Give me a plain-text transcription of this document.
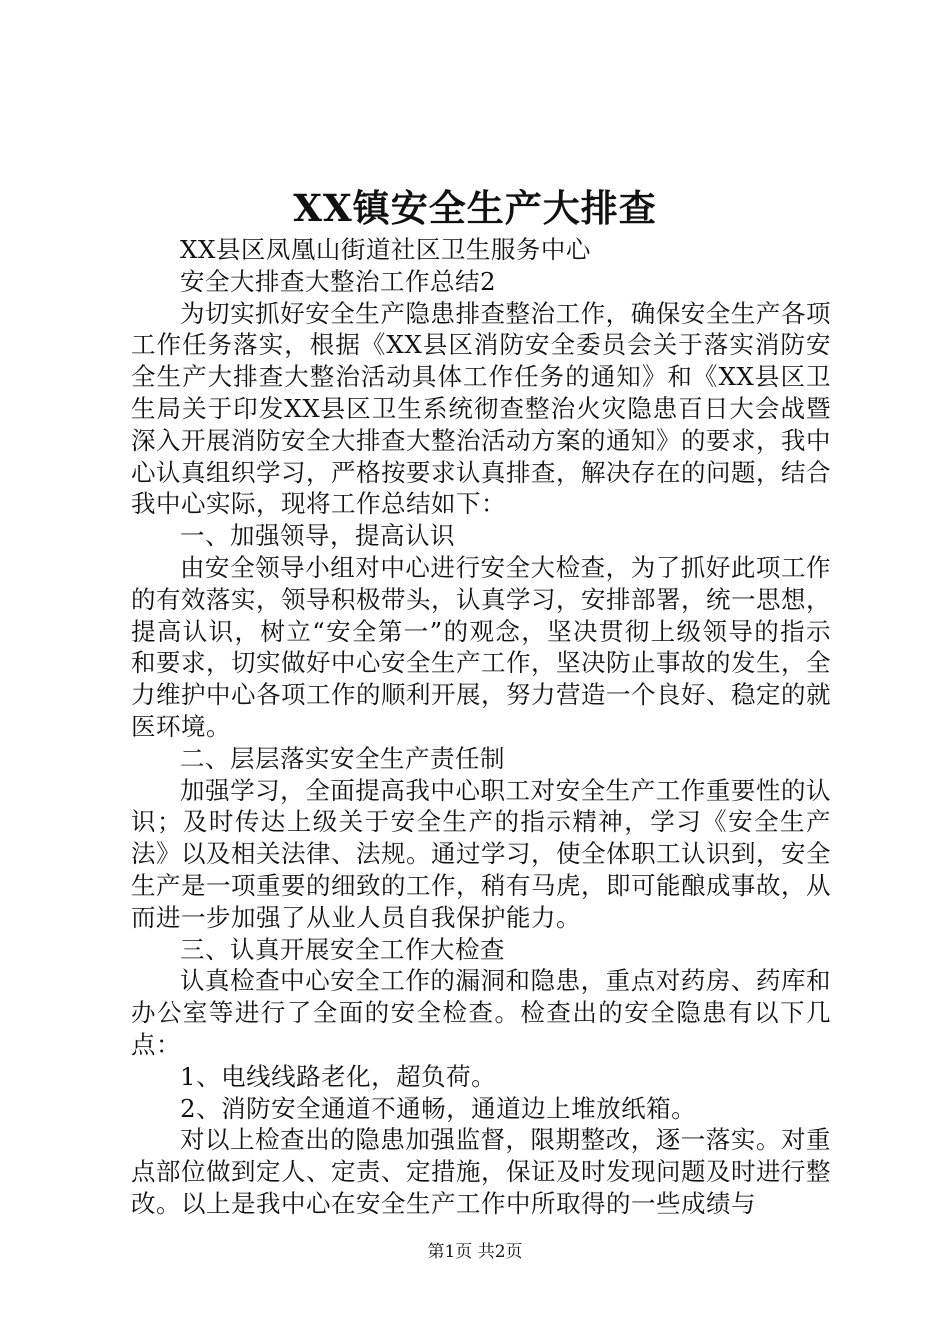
XX镇安全生产大排查

XX县区凤凰山街道社区卫生服务中心

安全大排查大整治工作总结2

为切实抓好安全生产隐患排查整治工作，确保安全生产各项工作任务落实，根据《XX县区消防安全委员会关于落实消防安全生产大排查大整治活动具体工作任务的通知》和《XX县区卫生局关于印发XX县区卫生系统彻查整治火灾隐患百日大会战暨深入开展消防安全大排查大整治活动方案的通知》的要求，我中心认真组织学习，严格按要求认真排查，解决存在的问题，结合我中心实际，现将工作总结如下：

一、加强领导，提高认识

由安全领导小组对中心进行安全大检查，为了抓好此项工作的有效落实，领导积极带头，认真学习，安排部署，统一思想，提高认识，树立“安全第一”的观念，坚决贯彻上级领导的指示和要求，切实做好中心安全生产工作，坚决防止事故的发生，全力维护中心各项工作的顺利开展，努力营造一个良好、稳定的就医环境。

二、层层落实安全生产责任制

加强学习，全面提高我中心职工对安全生产工作重要性的认识；及时传达上级关于安全生产的指示精神，学习《安全生产法》以及相关法律、法规。通过学习，使全体职工认识到，安全生产是一项重要的细致的工作，稍有马虎，即可能酿成事故，从而进一步加强了从业人员自我保护能力。

三、认真开展安全工作大检查

认真检查中心安全工作的漏洞和隐患，重点对药房、药库和办公室等进行了全面的安全检查。检查出的安全隐患有以下几点：

1、电线线路老化，超负荷。

2、消防安全通道不通畅，通道边上堆放纸箱。

对以上检查出的隐患加强监督，限期整改，逐一落实。对重点部位做到定人、定责、定措施，保证及时发现问题及时进行整改。以上是我中心在安全生产工作中所取得的一些成绩与

第1页 共2页
